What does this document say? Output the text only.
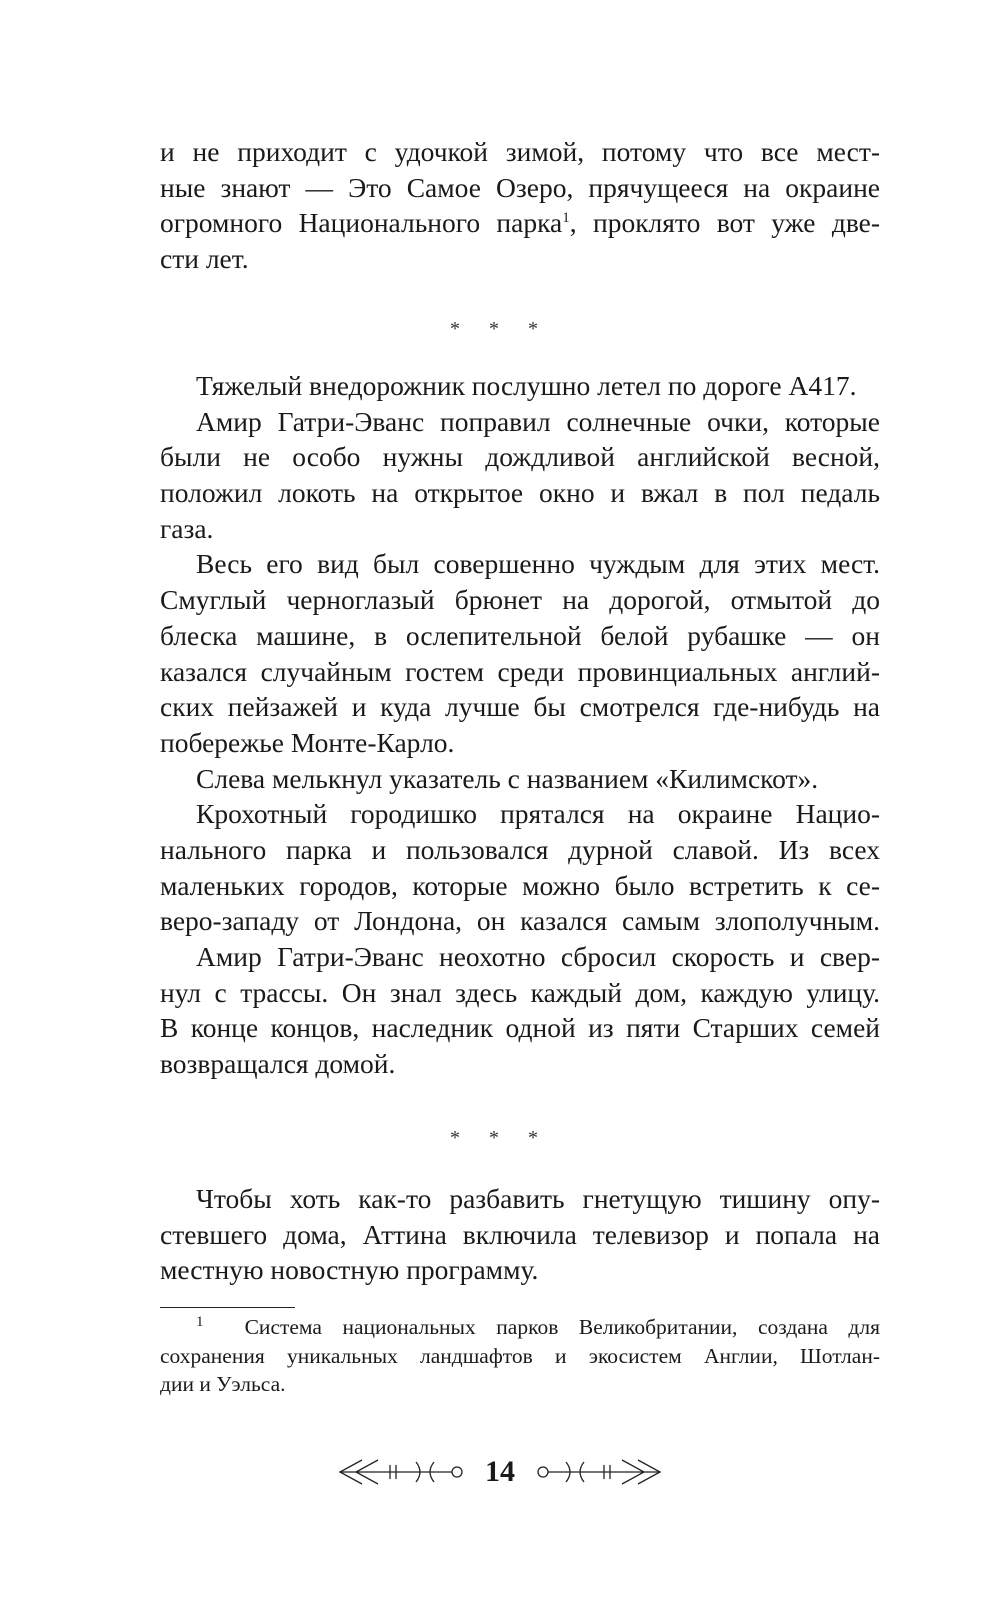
и не приходит с удочкой зимой, потому что все мест-
ные знают — Это Самое Озеро, прячущееся на окраине
огромного Национального парка$^1$, проклято вот уже две-
сти лет.
* * *
Тяжелый внедорожник послушно летел по дороге А417.
Амир Гатри-Эванс поправил солнечные очки, которые
были не особо нужны дождливой английской весной,
положил локоть на открытое окно и вжал в пол педаль
газа.
Весь его вид был совершенно чуждым для этих мест.
Смуглый черноглазый брюнет на дорогой, отмытой до
блеска машине, в ослепительной белой рубашке — он
казался случайным гостем среди провинциальных англий-
ских пейзажей и куда лучше бы смотрелся где-нибудь на
побережье Монте-Карло.
Слева мелькнул указатель с названием «Килимскот».
Крохотный городишко прятался на окраине Нацио-
нального парка и пользовался дурной славой. Из всех
маленьких городов, которые можно было встретить к се-
веро-западу от Лондона, он казался самым злополучным.
Амир Гатри-Эванс неохотно сбросил скорость и свер-
нул с трассы. Он знал здесь каждый дом, каждую улицу.
В конце концов, наследник одной из пяти Старших семей
возвращался домой.
* * *
Чтобы хоть как-то разбавить гнетущую тишину опу-
стевшего дома, Аттина включила телевизор и попала на
местную новостную программу.
$^1$ Система национальных парков Великобритании, создана для
сохранения уникальных ландшафтов и экосистем Англии, Шотлан-
дии и Уэльса.
14
